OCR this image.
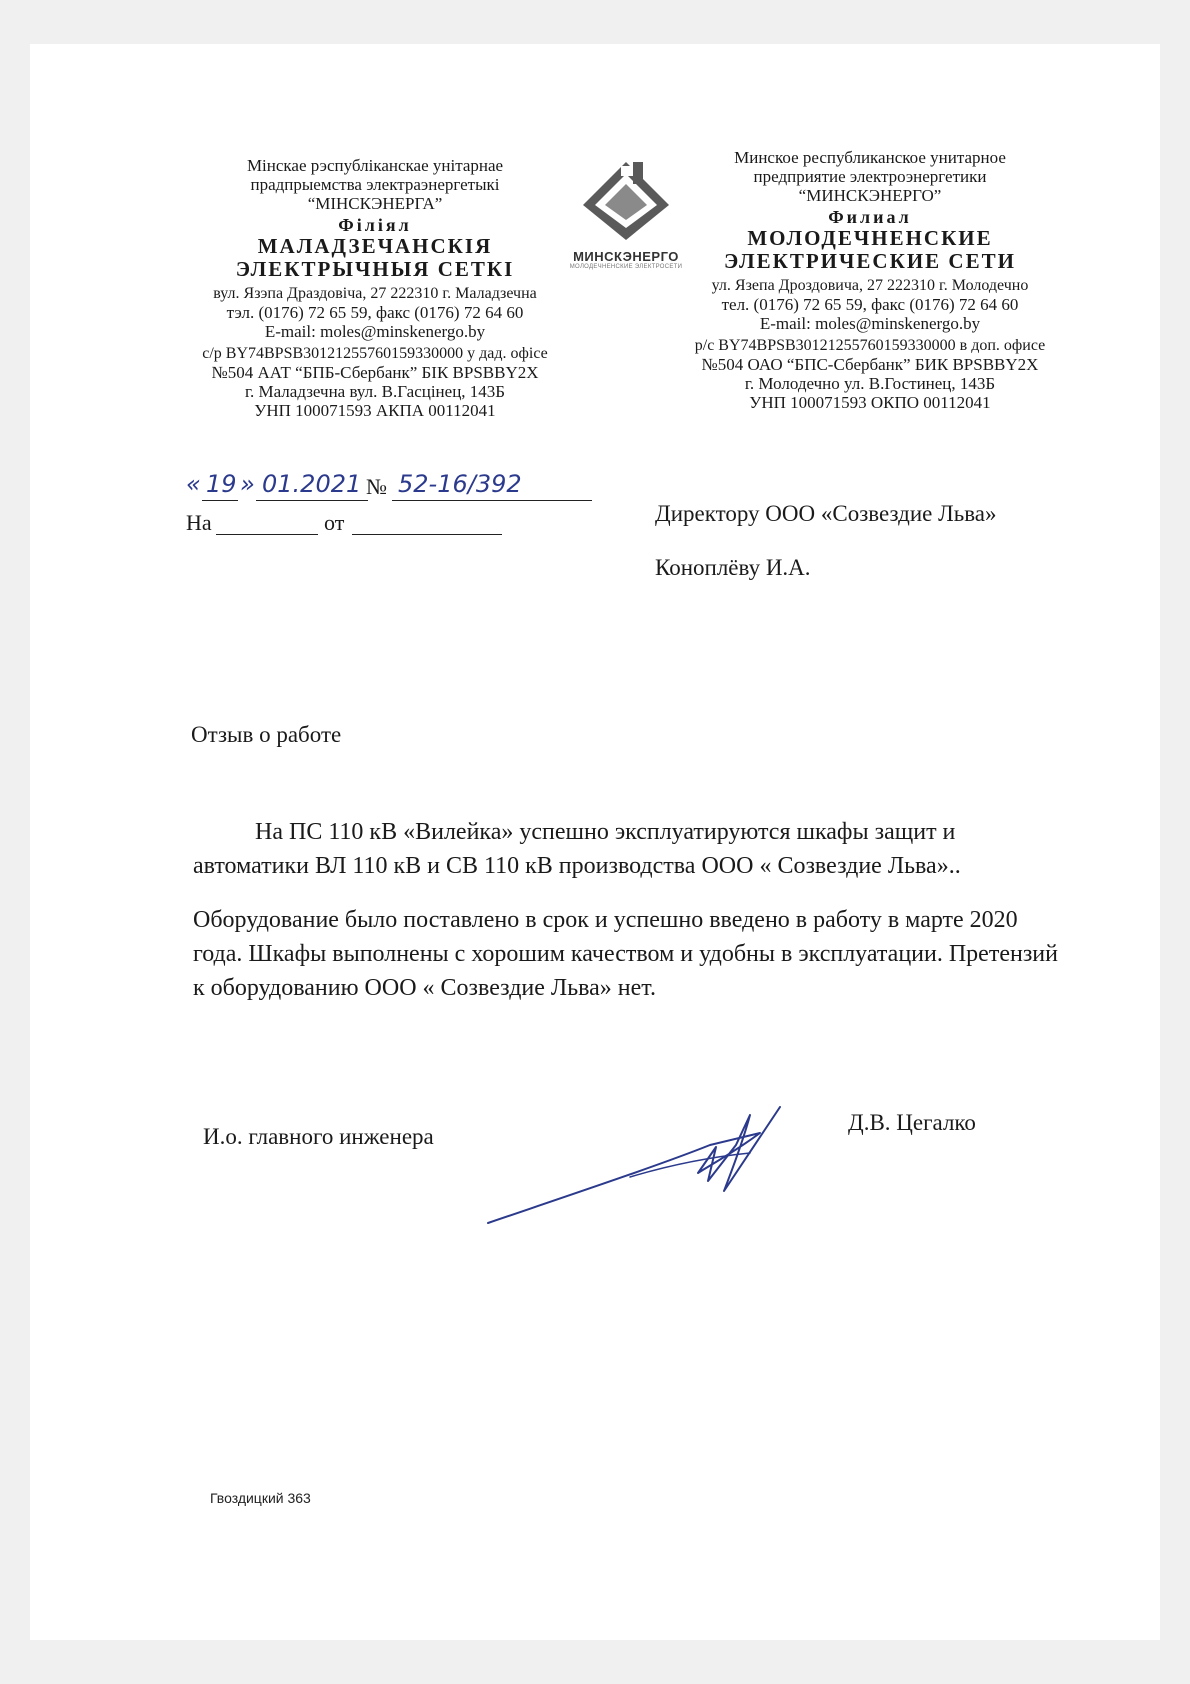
Мінскае рэспубліканскае унітарнае
прадпрыемства электраэнергетыкі
“МІНСКЭНЕРГА”
Філіял
МАЛАДЗЕЧАНСКІЯ
ЭЛЕКТРЫЧНЫЯ СЕТКІ
вул. Язэпа Драздовіча, 27 222310 г. Маладзечна
тэл. (0176) 72 65 59, факс (0176) 72 64 60
E-mail: moles@minskenergo.by
с/р BY74BPSB30121255760159330000 у дад. офісе
№504 ААТ “БПБ-Сбербанк” БІК BPSBBY2X
г. Маладзечна вул. В.Гасцінец, 143Б
УНП 100071593 АКПА 00112041
МИНСКЭНЕРГО
МОЛОДЕЧНЕНСКИЕ ЭЛЕКТРОСЕТИ
Минское республиканское унитарное
предприятие электроэнергетики
“МИНСКЭНЕРГО”
Филиал
МОЛОДЕЧНЕНСКИЕ
ЭЛЕКТРИЧЕСКИЕ СЕТИ
ул. Язепа Дроздовича, 27 222310 г. Молодечно
тел. (0176) 72 65 59, факс (0176) 72 64 60
E-mail: moles@minskenergo.by
р/с BY74BPSB30121255760159330000 в доп. офисе
№504 ОАО “БПС-Сбербанк” БИК BPSBBY2X
г. Молодечно ул. В.Гостинец, 143Б
УНП 100071593 ОКПО 00112041
« 19 » 01.2021 № 52-16/392
На	от	Директору ООО «Созвездие Льва»
Коноплёву И.А.
Отзыв о работе
На ПС 110 кВ «Вилейка» успешно эксплуатируются шкафы защит и автоматики ВЛ 110 кВ и СВ 110 кВ производства ООО « Созвездие Льва»..
Оборудование было поставлено в срок и успешно введено в работу в марте 2020 года. Шкафы выполнены с хорошим качеством и удобны в эксплуатации. Претензий к оборудованию ООО « Созвездие Льва» нет.
И.о. главного инженера
Д.В. Цегалко
Гвоздицкий 363
